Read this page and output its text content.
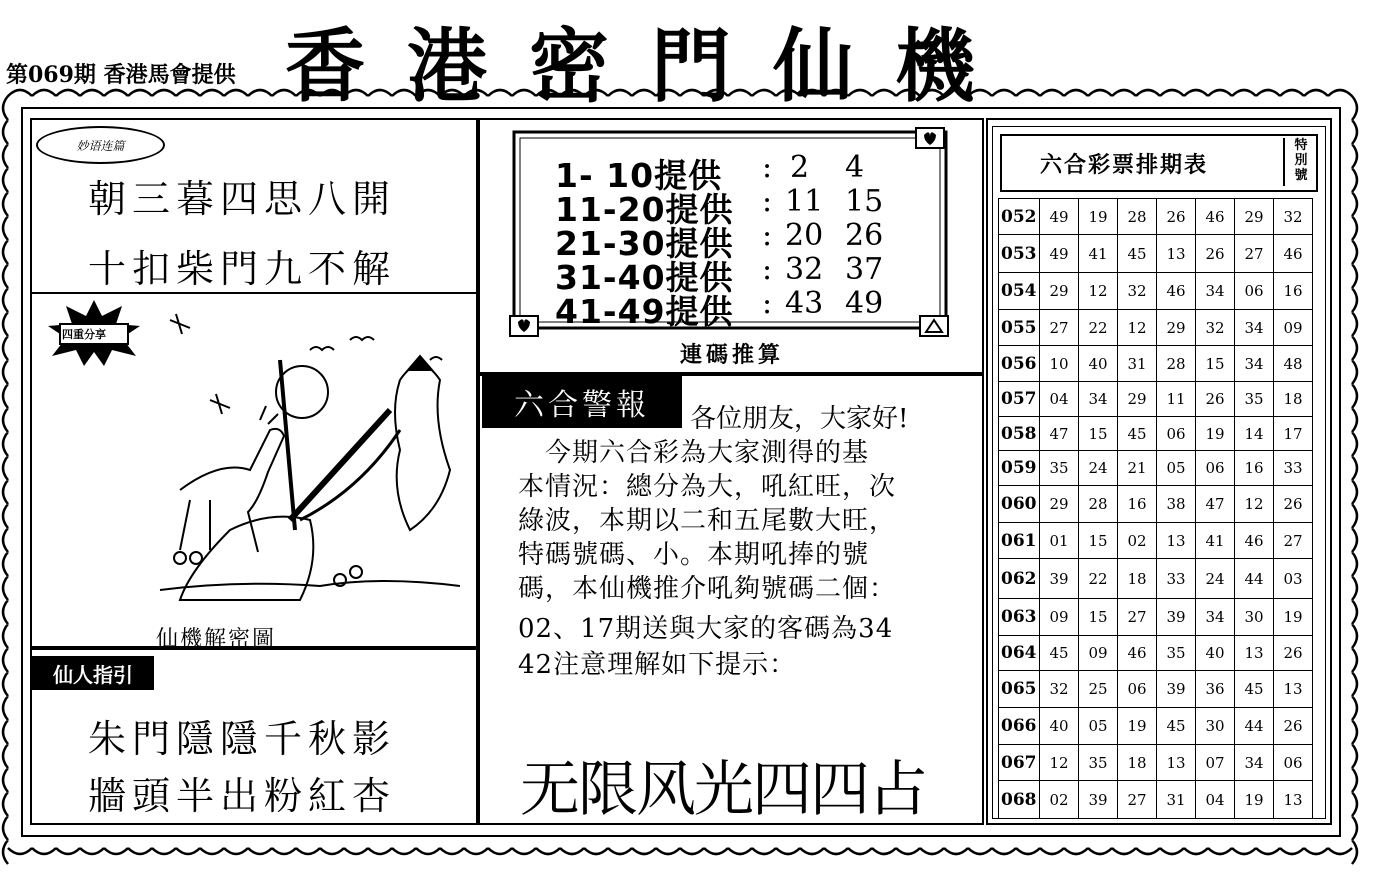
第069期 香港馬會提供 香港密門仙機
妙语连篇
朝三暮四思八開
十扣柴門九不解
四重分享
仙機解密圖
仙人指引
朱門隱隱千秋影
牆頭半出粉紅杏
1- 10提供 : 2 4
11-20提供 : 11 15
21-30提供 : 20 26
31-40提供 : 32 37
41-49提供 : 43 49
連碼推算
六合警報	各位朋友，大家好!
　今期六合彩為大家測得的基
本情況：總分為大，吼紅旺，次
綠波，本期以二和五尾數大旺，
特碼號碼、小。本期吼捧的號
碼，本仙機推介吼夠號碼二個：
02、17期送與大家的客碼為34
42注意理解如下提示：
无限风光四四占
六合彩票排期表
特別號
052	49	19	28	26	46	29	32
053	49	41	45	13	26	27	46
054	29	12	32	46	34	06	16
055	27	22	12	29	32	34	09
056	10	40	31	28	15	34	48
057	04	34	29	11	26	35	18
058	47	15	45	06	19	14	17
059	35	24	21	05	06	16	33
060	29	28	16	38	47	12	26
061	01	15	02	13	41	46	27
062	39	22	18	33	24	44	03
063	09	15	27	39	34	30	19
064	45	09	46	35	40	13	26
065	32	25	06	39	36	45	13
066	40	05	19	45	30	44	26
067	12	35	18	13	07	34	06
068	02	39	27	31	04	19	13
